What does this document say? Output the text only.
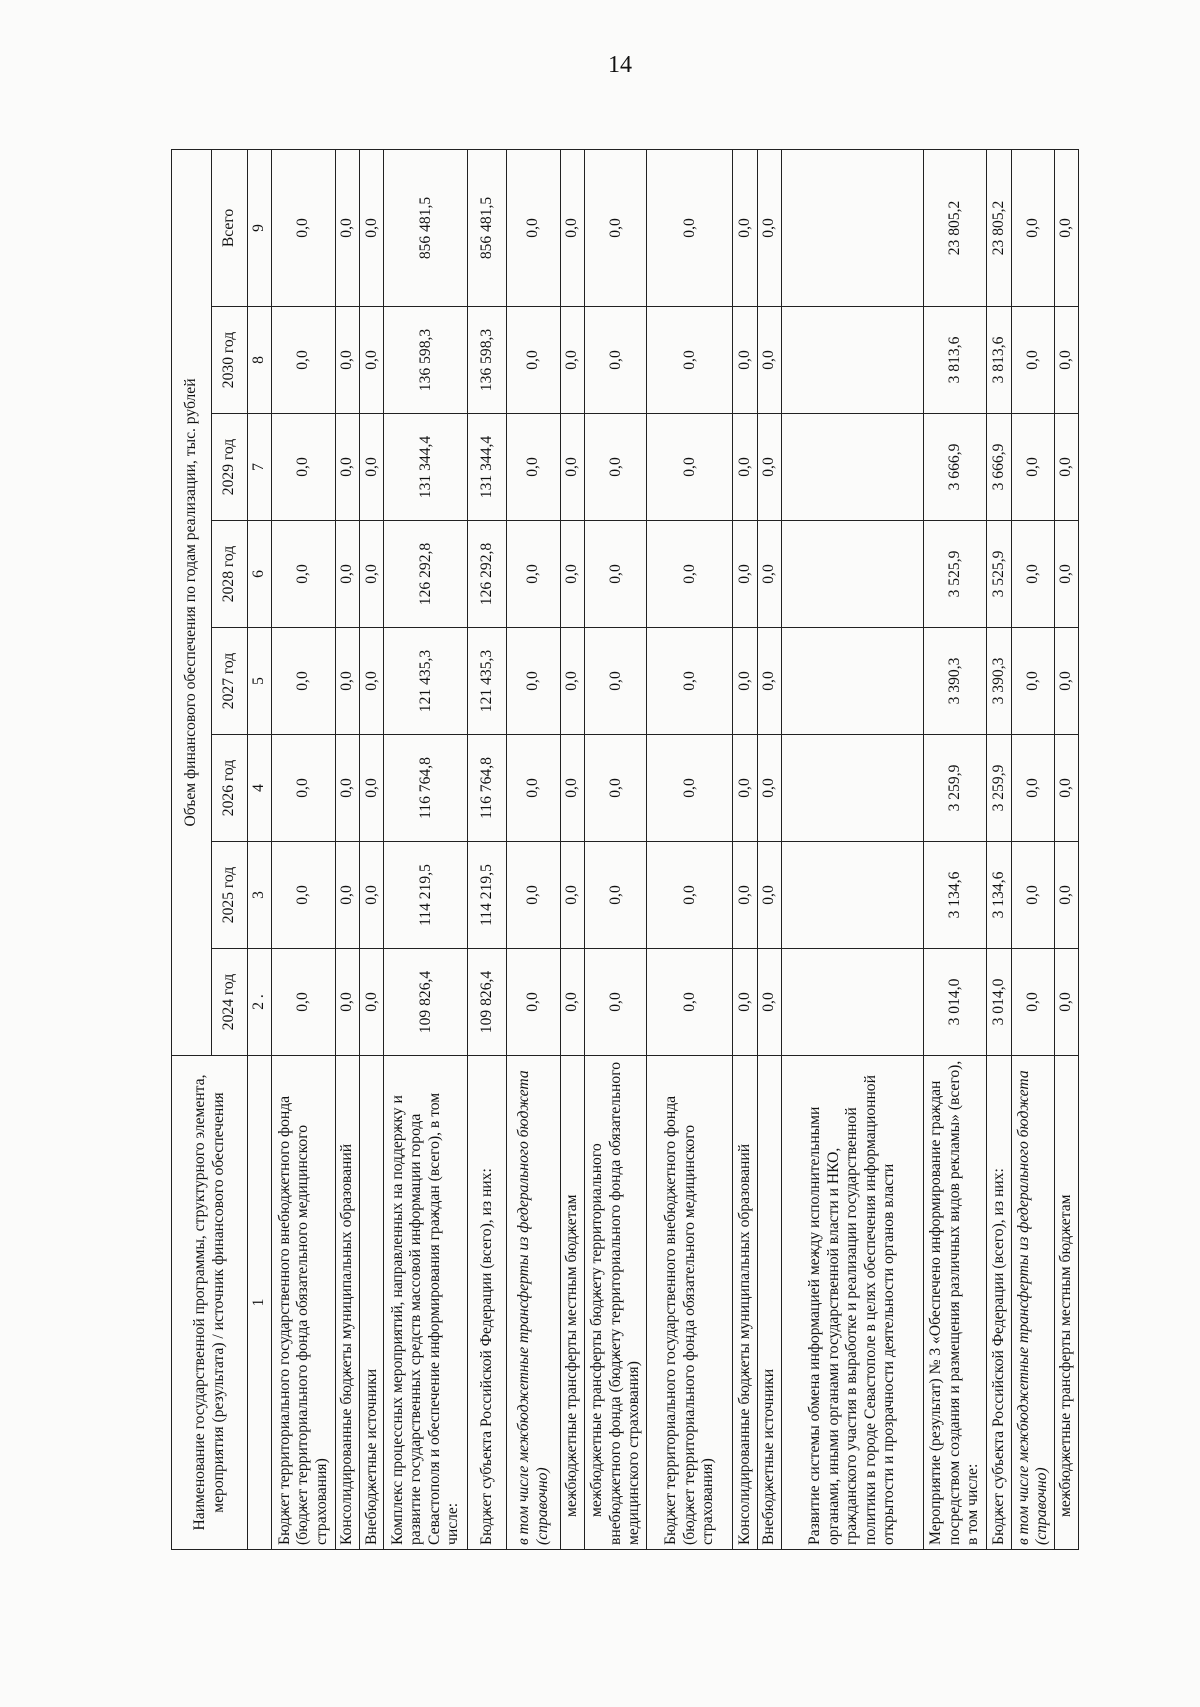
14
Наименование государственной программы, структурного элемента, мероприятия (результата) / источник финансового обеспечения	Объем финансового обеспечения по годам реализации, тыс. рублей							
	2024 год	2025 год	2026 год	2027 год	2028 год	2029 год	2030 год	Всего
1	2 .	3	4	5	6	7	8	9
Бюджет территориального государственного внебюджетного фонда (бюджет территориального фонда обязательного медицинского страхования)	0,0	0,0	0,0	0,0	0,0	0,0	0,0	0,0
Консолидированные бюджеты муниципальных образований	0,0	0,0	0,0	0,0	0,0	0,0	0,0	0,0
Внебюджетные источники	0,0	0,0	0,0	0,0	0,0	0,0	0,0	0,0
Комплекс процессных мероприятий, направленных на поддержку и развитие государственных средств массовой информации города Севастополя и обеспечение информирования граждан (всего), в том числе:	109 826,4	114 219,5	116 764,8	121 435,3	126 292,8	131 344,4	136 598,3	856 481,5
Бюджет субъекта Российской Федерации (всего), из них:	109 826,4	114 219,5	116 764,8	121 435,3	126 292,8	131 344,4	136 598,3	856 481,5
в том числе межбюджетные трансферты из федерального бюджета (справочно)	0,0	0,0	0,0	0,0	0,0	0,0	0,0	0,0
межбюджетные трансферты местным бюджетам	0,0	0,0	0,0	0,0	0,0	0,0	0,0	0,0
межбюджетные трансферты бюджету территориального внебюджетного фонда (бюджету территориального фонда обязательного медицинского страхования)	0,0	0,0	0,0	0,0	0,0	0,0	0,0	0,0
Бюджет территориального государственного внебюджетного фонда (бюджет территориального фонда обязательного медицинского страхования)	0,0	0,0	0,0	0,0	0,0	0,0	0,0	0,0
Консолидированные бюджеты муниципальных образований	0,0	0,0	0,0	0,0	0,0	0,0	0,0	0,0
Внебюджетные источники	0,0	0,0	0,0	0,0	0,0	0,0	0,0	0,0
Развитие системы обмена информацией между исполнительными органами, иными органами государственной власти и НКО, гражданского участия в выработке и реализации государственной политики в городе Севастополе в целях обеспечения информационной открытости и прозрачности деятельности органов власти								
Мероприятие (результат) № 3 «Обеспечено информирование граждан посредством создания и размещения различных видов рекламы» (всего), в том числе:	3 014,0	3 134,6	3 259,9	3 390,3	3 525,9	3 666,9	3 813,6	23 805,2
Бюджет субъекта Российской Федерации (всего), из них:	3 014,0	3 134,6	3 259,9	3 390,3	3 525,9	3 666,9	3 813,6	23 805,2
в том числе межбюджетные трансферты из федерального бюджета (справочно)	0,0	0,0	0,0	0,0	0,0	0,0	0,0	0,0
межбюджетные трансферты местным бюджетам	0,0	0,0	0,0	0,0	0,0	0,0	0,0	0,0
